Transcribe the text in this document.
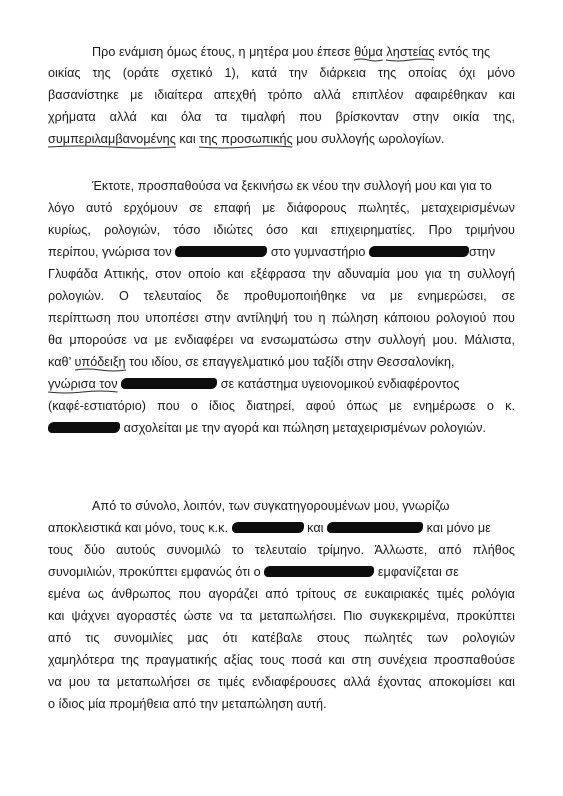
Προ ενάμιση όμως έτους, η μητέρα μου έπεσε θύμα ληστείας
εντός της
οικίας της (οράτε σχετικό 1), κατά την διάρκεια της οποίας όχι μόνο
βασανίστηκε με ιδιαίτερα απεχθή τρόπο αλλά επιπλέον αφαιρέθηκαν και
χρήματα αλλά και όλα τα τιμαλφή που βρίσκονταν στην οικία της,
συμπεριλαμβανομένης
και της προσωπικής
μου συλλογής ωρολογίων.
Έκτοτε, προσπαθούσα να ξεκινήσω εκ νέου την συλλογή μου και για το
λόγο αυτό ερχόμουν σε επαφή με διάφορους πωλητές, μεταχειρισμένων
κυρίως, ρολογιών, τόσο ιδιώτες όσο και επιχειρηματίες. Προ τριμήνου
περίπου, γνώρισα τον	στο γυμναστήριο	στην
Γλυφάδα Αττικής, στον οποίο και εξέφρασα την αδυναμία μου για τη συλλογή
ρολογιών. Ο τελευταίος δε προθυμοποιήθηκε να με ενημερώσει, σε
περίπτωση που υποπέσει στην αντίληψή του η πώληση κάποιου ρολογιού που
θα μπορούσε να με ενδιαφέρει να ενσωματώσω στην συλλογή μου. Μάλιστα,
καθ’ υπόδειξη
του ιδίου, σε επαγγελματικό μου ταξίδι στην Θεσσαλονίκη,
γνώρισα τον	σε κατάστημα υγειονομικού ενδιαφέροντος
(καφέ-εστιατόριο) που ο ίδιος διατηρεί, αφού όπως με ενημέρωσε ο κ.
ασχολείται με την αγορά και πώληση μεταχειρισμένων ρολογιών.
Από το σύνολο, λοιπόν, των συγκατηγορουμένων μου, γνωρίζω
αποκλειστικά και μόνο, τους κ.κ.	και	και μόνο με
τους δύο αυτούς συνομιλώ το τελευταίο τρίμηνο. Άλλωστε, από πλήθος
συνομιλιών, προκύπτει εμφανώς ότι ο	εμφανίζεται σε
εμένα ως άνθρωπος που αγοράζει από τρίτους σε ευκαιριακές τιμές ρολόγια
και ψάχνει αγοραστές ώστε να τα μεταπωλήσει. Πιο συγκεκριμένα, προκύπτει
από τις συνομιλίες μας ότι κατέβαλε στους πωλητές των ρολογιών
χαμηλότερα της πραγματικής αξίας τους ποσά και στη συνέχεια προσπαθούσε
να μου τα μεταπωλήσει σε τιμές ενδιαφέρουσες αλλά έχοντας αποκομίσει και
ο ίδιος μία προμήθεια από την μεταπώληση αυτή.
